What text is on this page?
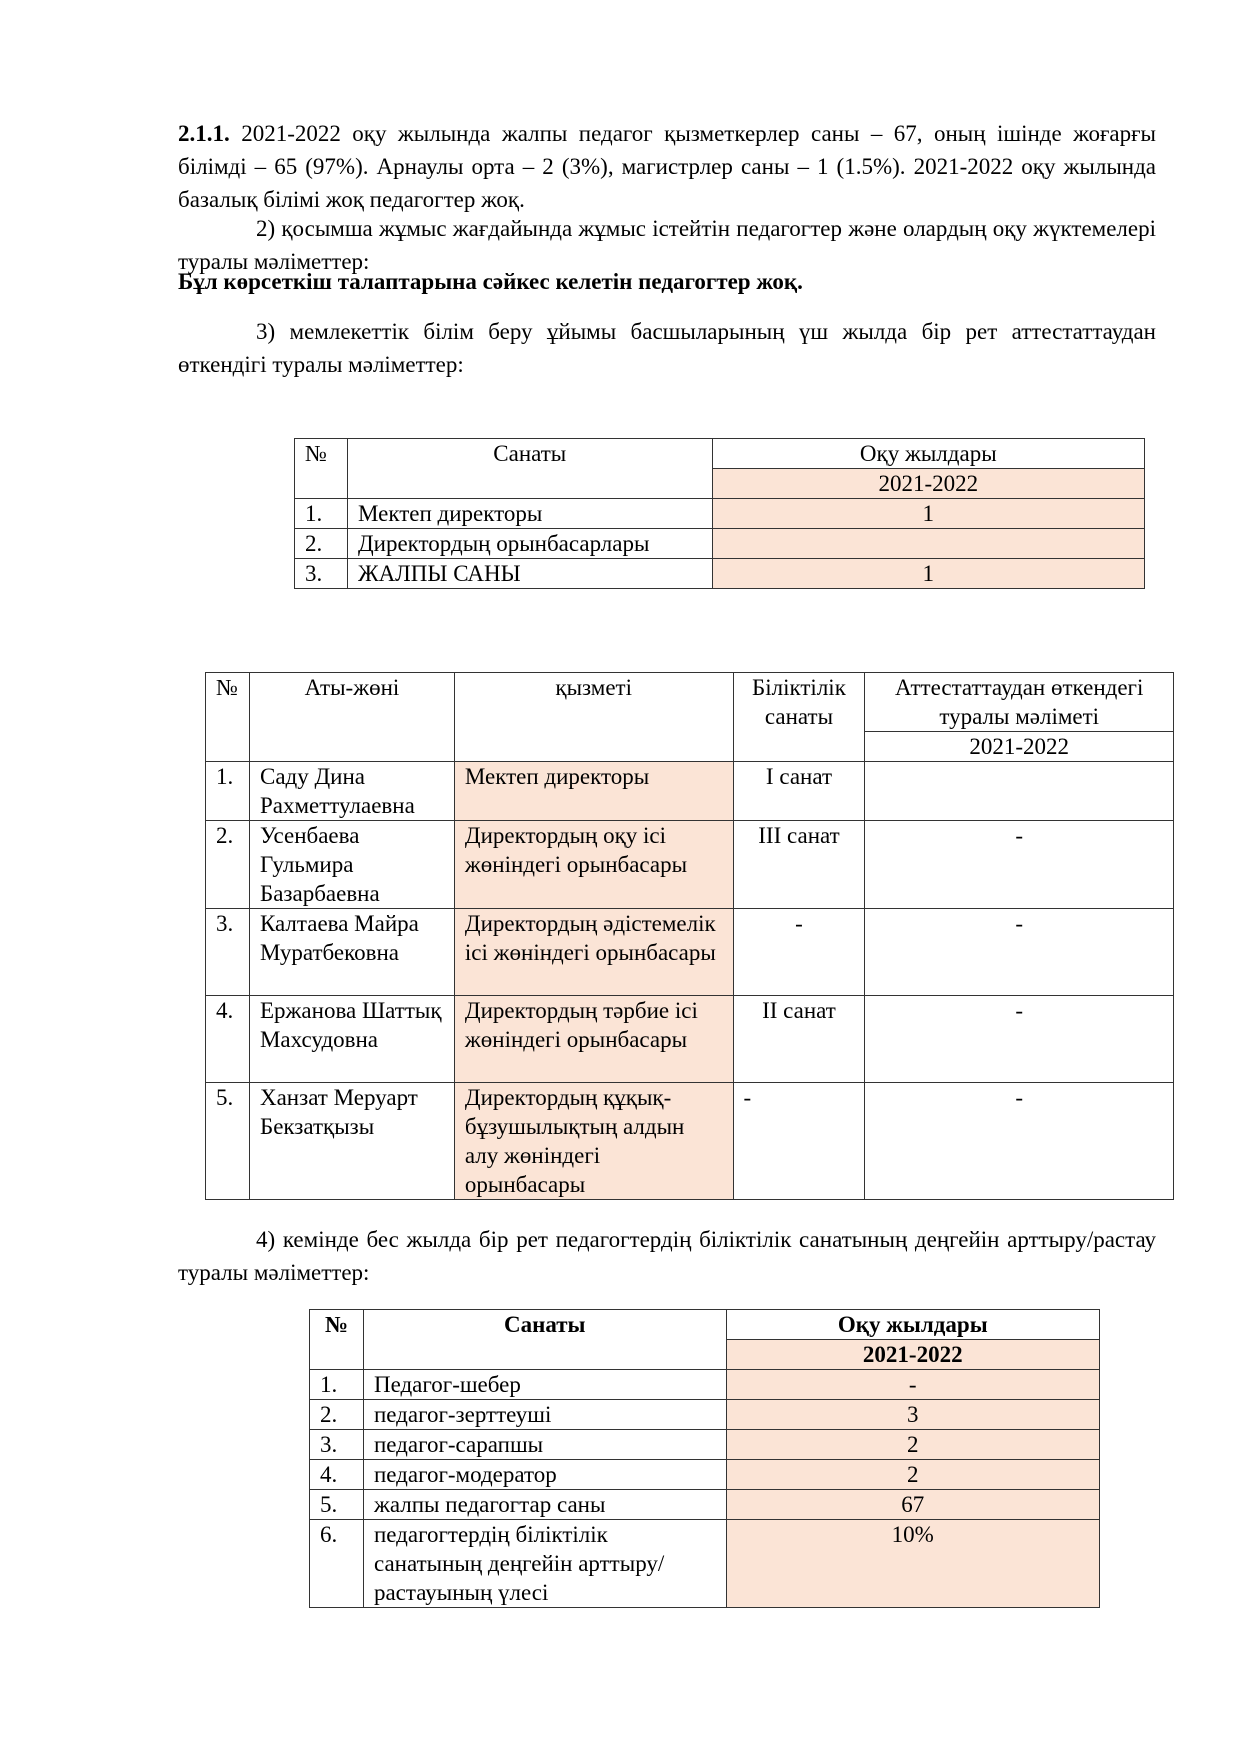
2.1.1. 2021-2022 оқу жылында жалпы педагог қызметкерлер саны – 67, оның ішінде жоғарғы білімді – 65 (97%). Арнаулы орта – 2 (3%), магистрлер саны – 1 (1.5%). 2021-2022 оқу жылында базалық білімі жоқ педагогтер жоқ.
2) қосымша жұмыс жағдайында жұмыс істейтін педагогтер және олардың оқу жүктемелері туралы мәліметтер:
Бұл көрсеткіш талаптарына сәйкес келетін педагогтер жоқ.
3) мемлекеттік білім беру ұйымы басшыларының үш жылда бір рет аттестаттаудан өткендігі туралы мәліметтер:
№	Санаты	Оқу жылдары
		2021-2022
1.	Мектеп директоры	1
2.	Директордың орынбасарлары	
3.	ЖАЛПЫ САНЫ	1
№	Аты-жөні	қызметі	Біліктілік санаты	Аттестаттаудан өткендегі туралы мәліметі
				2021-2022
1.	Саду Дина Рахметтулаевна	Мектеп директоры	I санат	
2.	Усенбаева Гульмира Базарбаевна	Директордың оқу ісі жөніндегі орынбасары	III санат	-
3.	Калтаева Майра Муратбековна	Директордың әдістемелік ісі жөніндегі орынбасары	-	-
4.	Ержанова Шаттық Махсудовна	Директордың тәрбие ісі жөніндегі орынбасары	II санат	-
5.	Ханзат Меруарт Бекзатқызы	Директордың құқық-бұзушылықтың алдын алу жөніндегі орынбасары	-	-
4) кемінде бес жылда бір рет педагогтердің біліктілік санатының деңгейін арттыру/растау туралы мәліметтер:
№	Санаты	Оқу жылдары
		2021-2022
1.	Педагог-шебер	-
2.	педагог-зерттеуші	3
3.	педагог-сарапшы	2
4.	педагог-модератор	2
5.	жалпы педагогтар саны	67
6.	педагогтердің біліктілік санатының деңгейін арттыру/растауының үлесі	10%
